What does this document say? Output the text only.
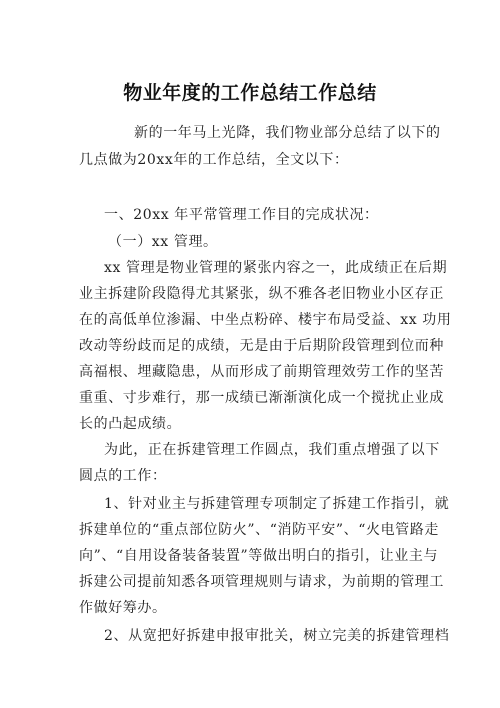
物业年度的工作总结工作总结
新的一年马上光降，我们物业部分总结了以下的
几点做为20xx年的工作总结，全文以下：
一、20xx 年平常管理工作目的完成状况：
（一）xx 管理。
xx 管理是物业管理的紧张内容之一，此成绩正在后期
业主拆建阶段隐得尤其紧张，纵不雅各老旧物业小区存正
在的高低单位渗漏、中坐点粉碎、楼宇布局受益、xx 功用
改动等纷歧而足的成绩，无是由于后期阶段管理到位而种
高福根、埋藏隐患，从而形成了前期管理效劳工作的坚苦
重重、寸步难行，那一成绩已渐渐演化成一个搅扰止业成
长的凸起成绩。
为此，正在拆建管理工作圆点，我们重点增强了以下
圆点的工作：
1、针对业主与拆建管理专项制定了拆建工作指引，就
拆建单位的“重点部位防火”、“消防平安”、“火电管路走
向”、“自用设备装备装置”等做出明白的指引，让业主与
拆建公司提前知悉各项管理规则与请求，为前期的管理工
作做好筹办。
2、从宽把好拆建申报审批关，树立完美的拆建管理档
